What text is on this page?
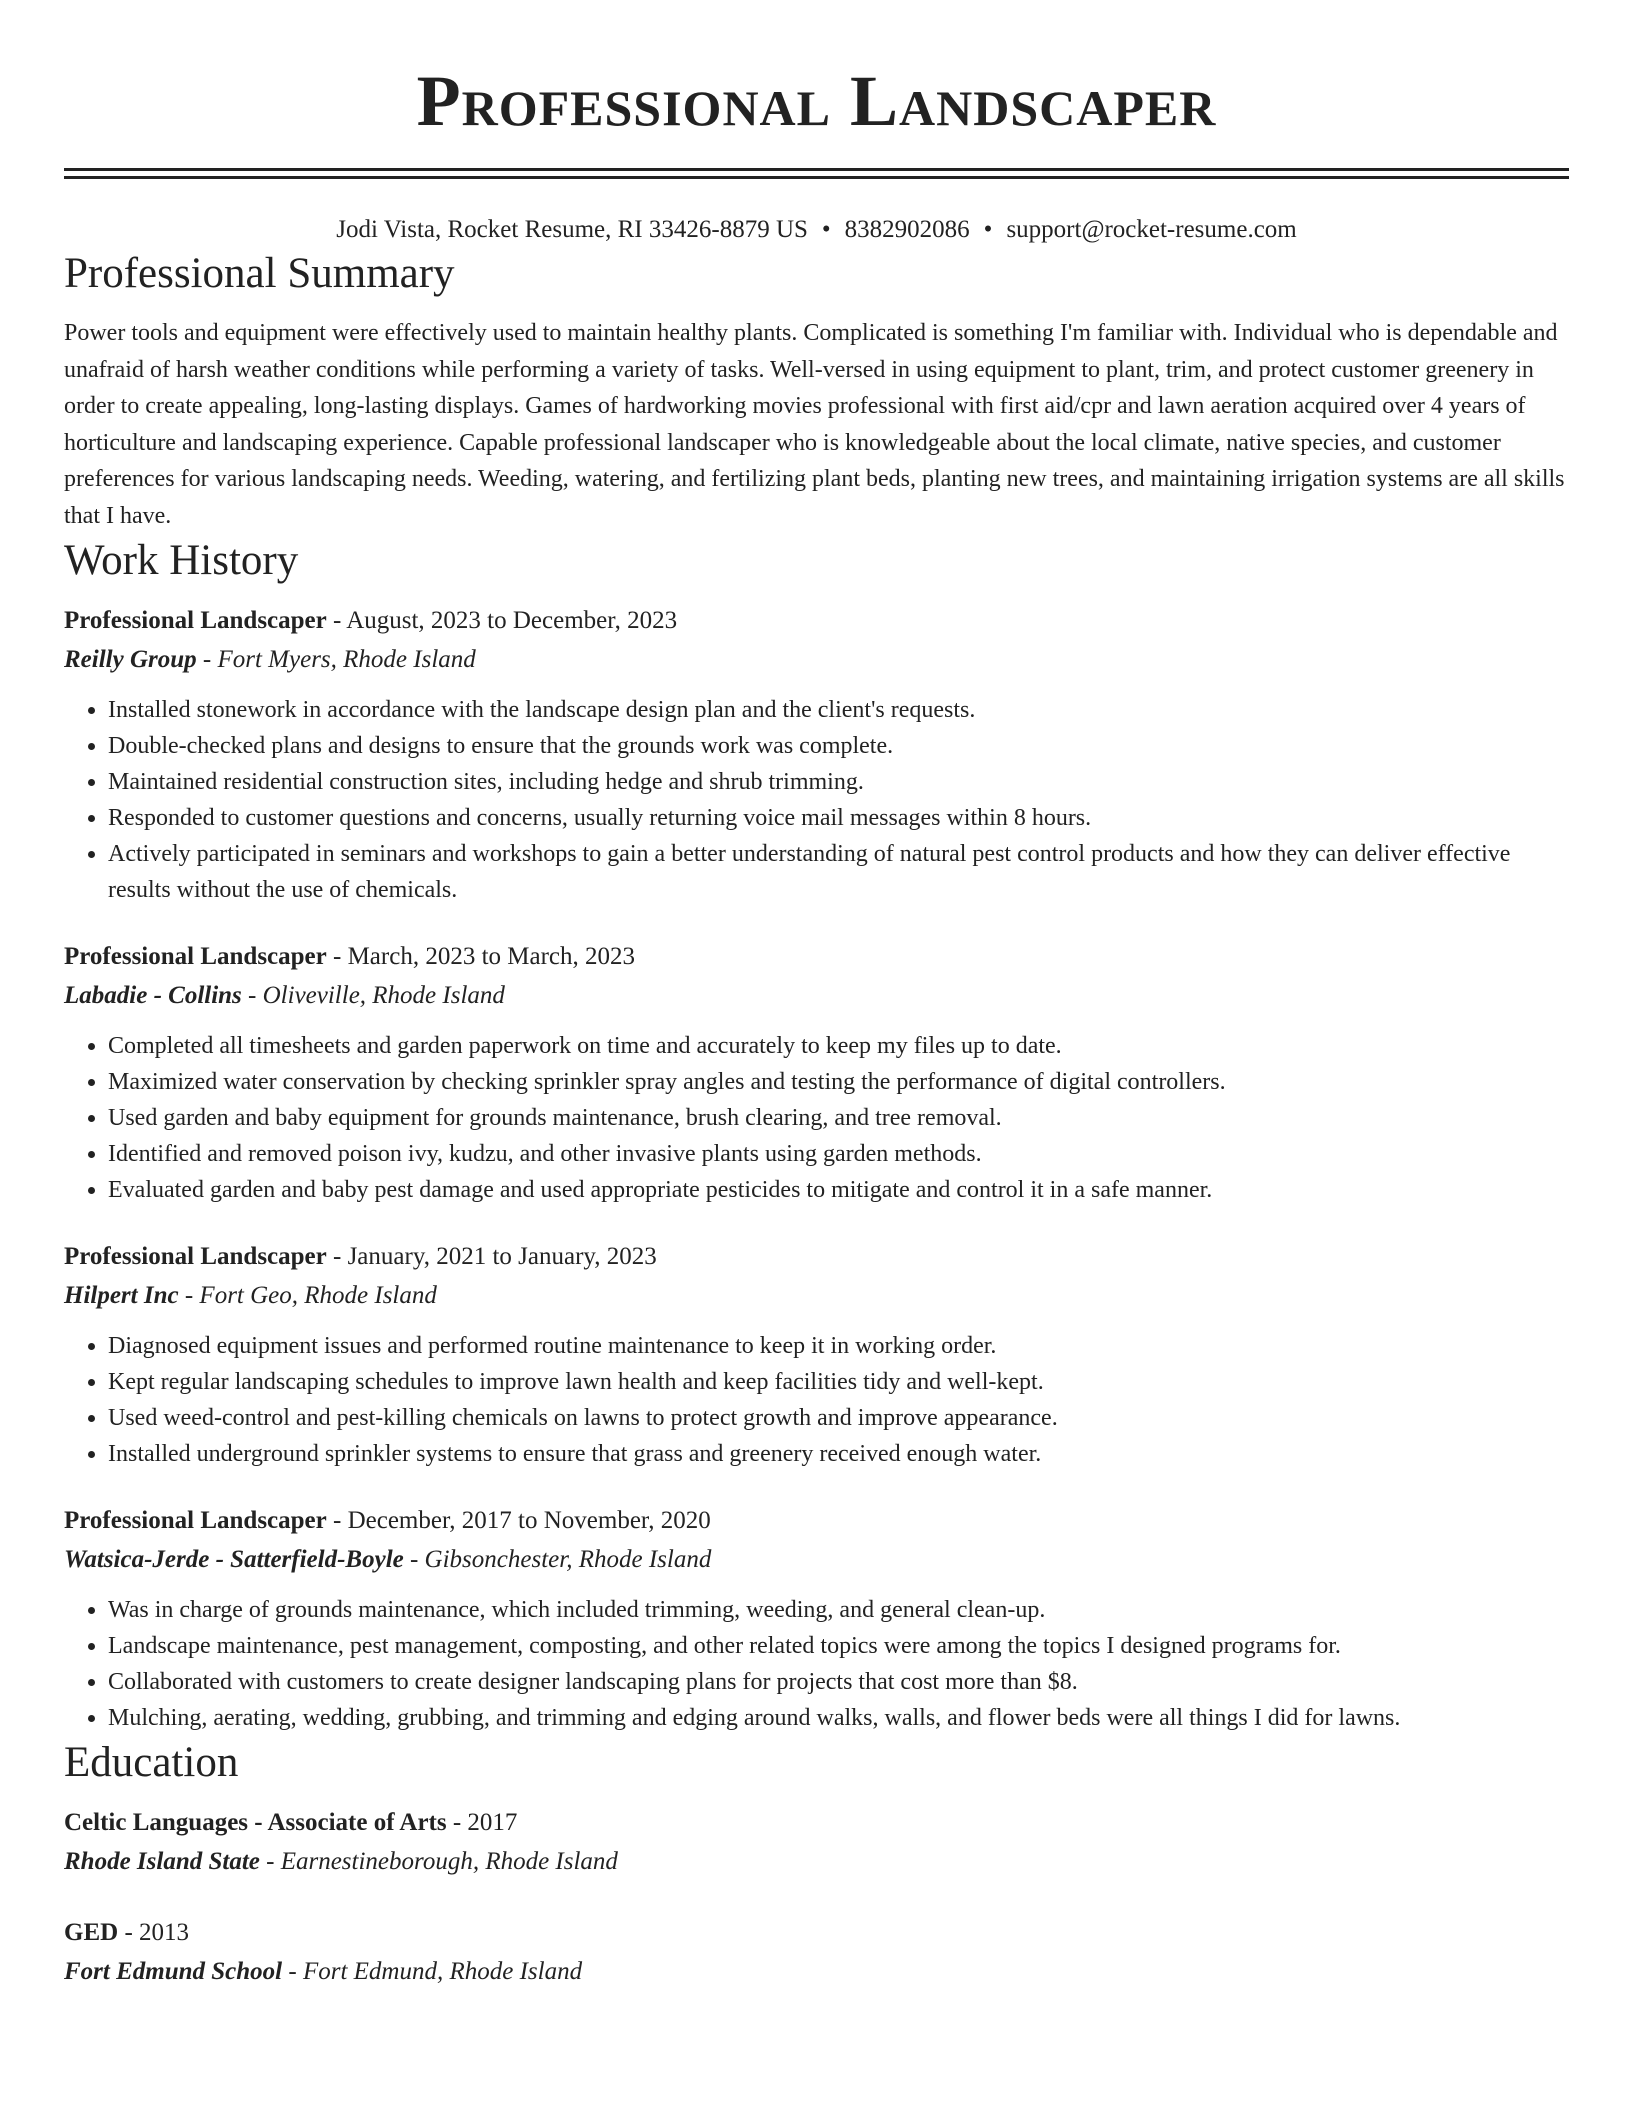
Professional Landscaper
Jodi Vista, Rocket Resume, RI 33426-8879 US • 8382902086 • support@rocket-resume.com
Professional Summary
Power tools and equipment were effectively used to maintain healthy plants. Complicated is something I'm familiar with. Individual who is dependable and unafraid of harsh weather conditions while performing a variety of tasks. Well-versed in using equipment to plant, trim, and protect customer greenery in order to create appealing, long-lasting displays. Games of hardworking movies professional with first aid/cpr and lawn aeration acquired over 4 years of horticulture and landscaping experience. Capable professional landscaper who is knowledgeable about the local climate, native species, and customer preferences for various landscaping needs. Weeding, watering, and fertilizing plant beds, planting new trees, and maintaining irrigation systems are all skills that I have.
Work History
Professional Landscaper - August, 2023 to December, 2023
Reilly Group - Fort Myers, Rhode Island
• Installed stonework in accordance with the landscape design plan and the client's requests.
• Double-checked plans and designs to ensure that the grounds work was complete.
• Maintained residential construction sites, including hedge and shrub trimming.
• Responded to customer questions and concerns, usually returning voice mail messages within 8 hours.
• Actively participated in seminars and workshops to gain a better understanding of natural pest control products and how they can deliver effective results without the use of chemicals.
Professional Landscaper - March, 2023 to March, 2023
Labadie - Collins - Oliveville, Rhode Island
• Completed all timesheets and garden paperwork on time and accurately to keep my files up to date.
• Maximized water conservation by checking sprinkler spray angles and testing the performance of digital controllers.
• Used garden and baby equipment for grounds maintenance, brush clearing, and tree removal.
• Identified and removed poison ivy, kudzu, and other invasive plants using garden methods.
• Evaluated garden and baby pest damage and used appropriate pesticides to mitigate and control it in a safe manner.
Professional Landscaper - January, 2021 to January, 2023
Hilpert Inc - Fort Geo, Rhode Island
• Diagnosed equipment issues and performed routine maintenance to keep it in working order.
• Kept regular landscaping schedules to improve lawn health and keep facilities tidy and well-kept.
• Used weed-control and pest-killing chemicals on lawns to protect growth and improve appearance.
• Installed underground sprinkler systems to ensure that grass and greenery received enough water.
Professional Landscaper - December, 2017 to November, 2020
Watsica-Jerde - Satterfield-Boyle - Gibsonchester, Rhode Island
• Was in charge of grounds maintenance, which included trimming, weeding, and general clean-up.
• Landscape maintenance, pest management, composting, and other related topics were among the topics I designed programs for.
• Collaborated with customers to create designer landscaping plans for projects that cost more than $8.
• Mulching, aerating, wedding, grubbing, and trimming and edging around walks, walls, and flower beds were all things I did for lawns.
Education
Celtic Languages - Associate of Arts - 2017
Rhode Island State - Earnestineborough, Rhode Island
GED - 2013
Fort Edmund School - Fort Edmund, Rhode Island
